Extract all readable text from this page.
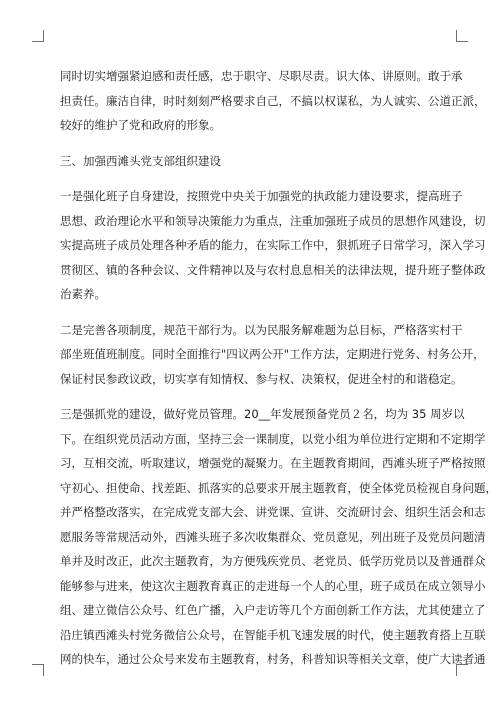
同时切实增强紧迫感和责任感，忠于职守、尽职尽责。识大体、讲原则。敢于承
担责任。廉洁自律，时时刻刻严格要求自己，不搞以权谋私，为人诚实、公道正派，
较好的维护了党和政府的形象。

三、加强西滩头党支部组织建设

一是强化班子自身建设，按照党中央关于加强党的执政能力建设要求，提高班子
思想、政治理论水平和领导决策能力为重点，注重加强班子成员的思想作风建设，切
实提高班子成员处理各种矛盾的能力，在实际工作中，狠抓班子日常学习，深入学习
贯彻区、镇的各种会议、文件精神以及与农村息息相关的法律法规，提升班子整体政
治素养。

二是完善各项制度，规范干部行为。以为民服务解难题为总目标，严格落实村干
部坐班值班制度。同时全面推行"四议两公开"工作方法，定期进行党务、村务公开，
保证村民参政议政，切实享有知情权、参与权、决策权，促进全村的和谐稳定。

三是强抓党的建设，做好党员管理。20__年发展预备党员２名，均为 35 周岁以
下。在组织党员活动方面，坚持三会一课制度，以党小组为单位进行定期和不定期学
习，互相交流，听取建议，增强党的凝聚力。在主题教育期间，西滩头班子严格按照
守初心、担使命、找差距、抓落实的总要求开展主题教育，使全体党员检视自身问题，
并严格整改落实，在完成党支部大会、讲党课、宣讲、交流研讨会、组织生活会和志
愿服务等常规活动外，西滩头班子多次收集群众、党员意见，列出班子及党员问题清
单并及时改正，此次主题教育，为方便残疾党员、老党员、低学历党员以及普通群众
能够参与进来，使这次主题教育真正的走进每一个人的心里，班子成员在成立领导小
组、建立微信公众号、红色广播，入户走访等几个方面创新工作方法，尤其使建立了
沿庄镇西滩头村党务微信公众号，在智能手机飞速发展的时代，使主题教育搭上互联
网的快车，通过公众号来发布主题教育，村务，科普知识等相关文章，使广大读者通
